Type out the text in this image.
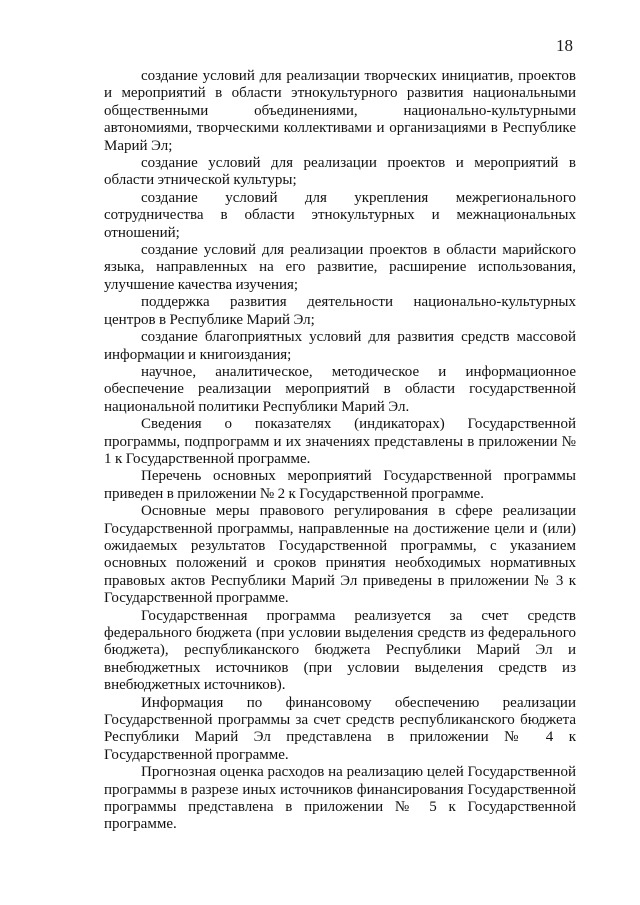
18

создание условий для реализации творческих инициатив, проектов и мероприятий в области этнокультурного развития национальными общественными объединениями, национально-культурными автономиями, творческими коллективами и организациями в Республике Марий Эл;

создание условий для реализации проектов и мероприятий в области этнической культуры;

создание условий для укрепления межрегионального сотрудничества в области этнокультурных и межнациональных отношений;

создание условий для реализации проектов в области марийского языка, направленных на его развитие, расширение использования, улучшение качества изучения;

поддержка развития деятельности национально-культурных центров в Республике Марий Эл;

создание благоприятных условий для развития средств массовой информации и книгоиздания;

научное, аналитическое, методическое и информационное обеспечение реализации мероприятий в области государственной национальной политики Республики Марий Эл.

Сведения о показателях (индикаторах) Государственной программы, подпрограмм и их значениях представлены в приложении № 1 к Государственной программе.

Перечень основных мероприятий Государственной программы приведен в приложении № 2 к Государственной программе.

Основные меры правового регулирования в сфере реализации Государственной программы, направленные на достижение цели и (или) ожидаемых результатов Государственной программы, с указанием основных положений и сроков принятия необходимых нормативных правовых актов Республики Марий Эл приведены в приложении № 3 к Государственной программе.

Государственная программа реализуется за счет средств федерального бюджета (при условии выделения средств из федерального бюджета), республиканского бюджета Республики Марий Эл и внебюджетных источников (при условии выделения средств из внебюджетных источников).

Информация по финансовому обеспечению реализации Государственной программы за счет средств республиканского бюджета Республики Марий Эл представлена в приложении № 4 к Государственной программе.

Прогнозная оценка расходов на реализацию целей Государственной программы в разрезе иных источников финансирования Государственной программы представлена в приложении № 5 к Государственной программе.
